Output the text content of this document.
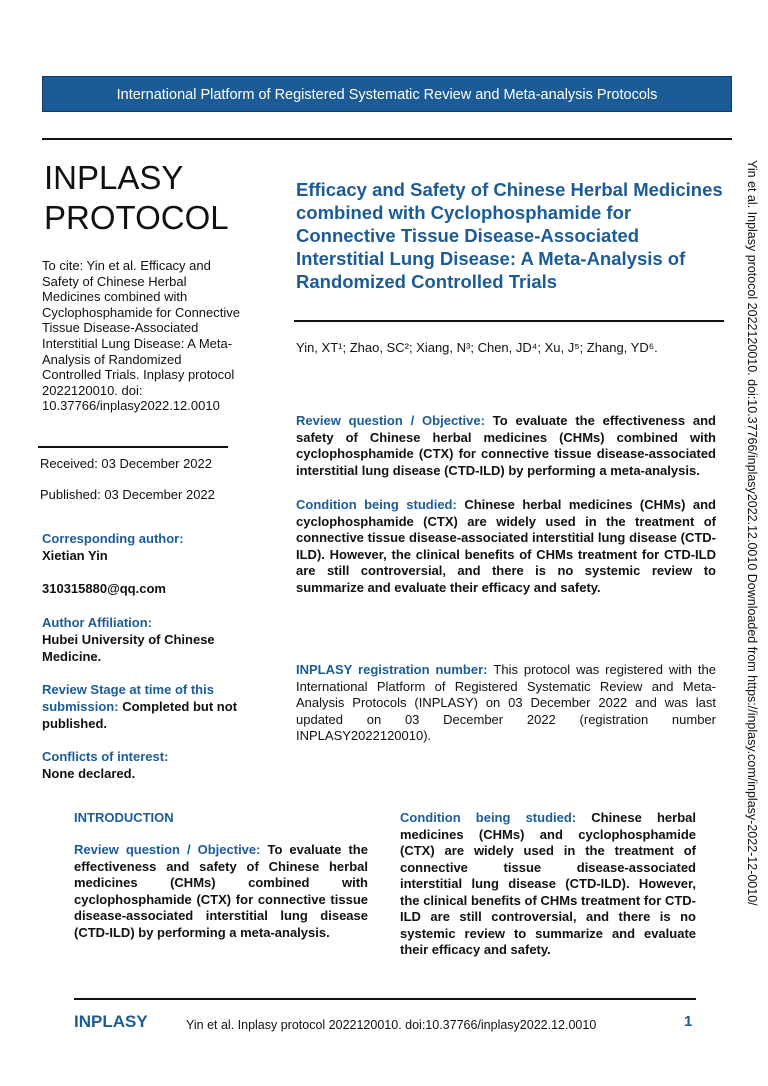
International Platform of Registered Systematic Review and Meta-analysis Protocols
INPLASY
PROTOCOL
To cite: Yin et al. Efficacy and Safety of Chinese Herbal Medicines combined with Cyclophosphamide for Connective Tissue Disease-Associated Interstitial Lung Disease: A Meta-Analysis of Randomized Controlled Trials. Inplasy protocol 2022120010. doi: 10.37766/inplasy2022.12.0010
Received: 03 December 2022
Published: 03 December 2022
Corresponding author:
Xietian Yin
310315880@qq.com
Author Affiliation:
Hubei University of Chinese Medicine.
Review Stage at time of this submission: Completed but not published.
Conflicts of interest:
None declared.
Efficacy and Safety of Chinese Herbal Medicines combined with Cyclophosphamide for Connective Tissue Disease-Associated Interstitial Lung Disease: A Meta-Analysis of Randomized Controlled Trials
Yin, XT¹; Zhao, SC²; Xiang, N³; Chen, JD⁴; Xu, J⁵; Zhang, YD⁶.
Review question / Objective: To evaluate the effectiveness and safety of Chinese herbal medicines (CHMs) combined with cyclophosphamide (CTX) for connective tissue disease-associated interstitial lung disease (CTD-ILD) by performing a meta-analysis.
Condition being studied: Chinese herbal medicines (CHMs) and cyclophosphamide (CTX) are widely used in the treatment of connective tissue disease-associated interstitial lung disease (CTD-ILD). However, the clinical benefits of CHMs treatment for CTD-ILD are still controversial, and there is no systemic review to summarize and evaluate their efficacy and safety.
INPLASY registration number: This protocol was registered with the International Platform of Registered Systematic Review and Meta-Analysis Protocols (INPLASY) on 03 December 2022 and was last updated on 03 December 2022 (registration number INPLASY2022120010).
INTRODUCTION
Review question / Objective: To evaluate the effectiveness and safety of Chinese herbal medicines (CHMs) combined with cyclophosphamide (CTX) for connective tissue disease-associated interstitial lung disease (CTD-ILD) by performing a meta-analysis.
Condition being studied: Chinese herbal medicines (CHMs) and cyclophosphamide (CTX) are widely used in the treatment of connective tissue disease-associated interstitial lung disease (CTD-ILD). However, the clinical benefits of CHMs treatment for CTD-ILD are still controversial, and there is no systemic review to summarize and evaluate their efficacy and safety.
Yin et al. Inplasy protocol 2022120010. doi:10.37766/inplasy2022.12.0010 Downloaded from https://inplasy.com/inplasy-2022-12-0010/
INPLASY	Yin et al. Inplasy protocol 2022120010. doi:10.37766/inplasy2022.12.0010	1
